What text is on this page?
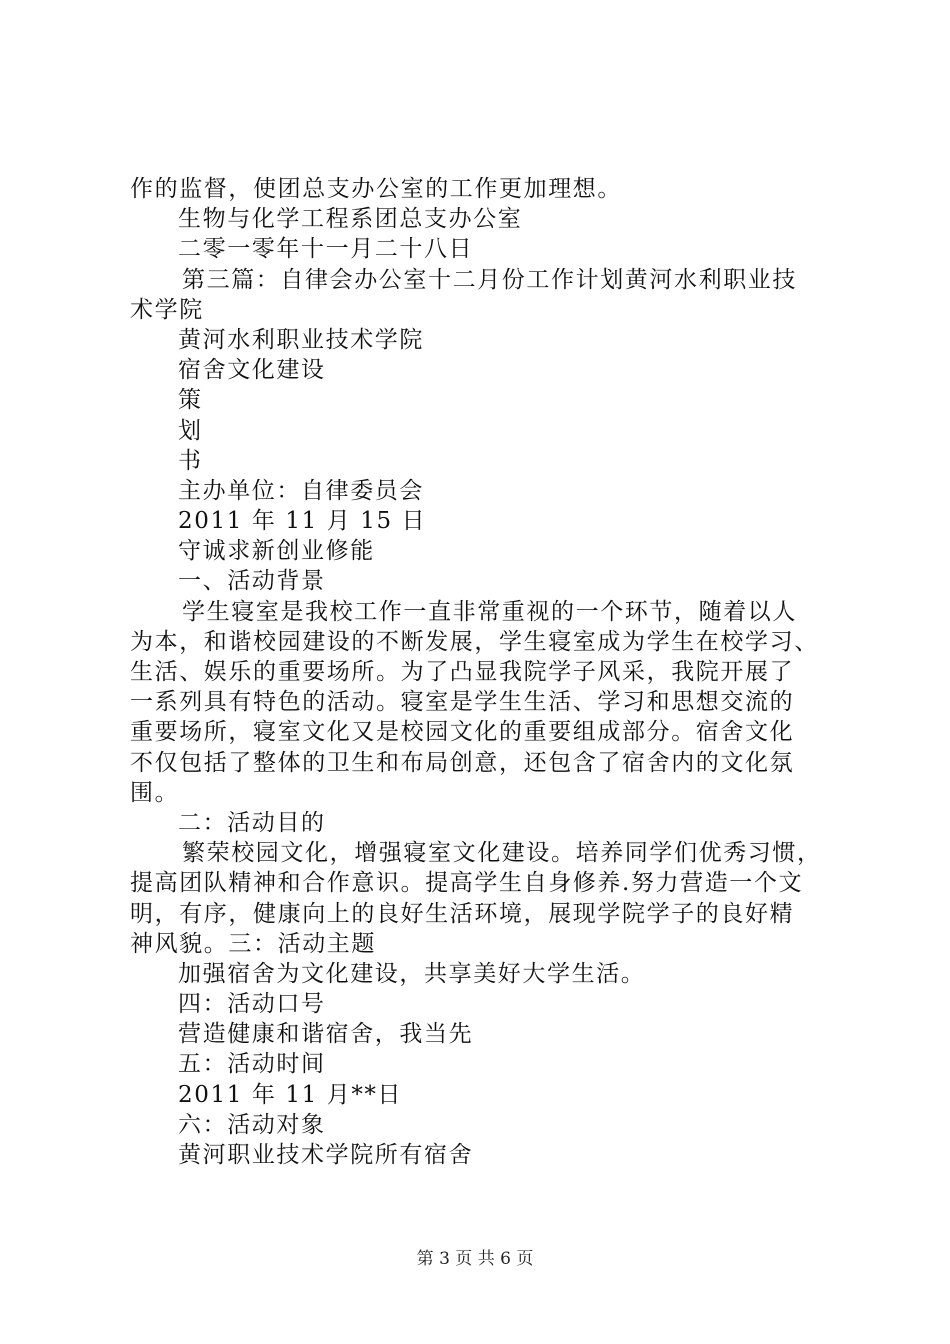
作的监督，使团总支办公室的工作更加理想。
生物与化学工程系团总支办公室
二零一零年十一月二十八日
第三篇：自律会办公室十二月份工作计划黄河水利职业技
术学院
黄河水利职业技术学院
宿舍文化建设
策
划
书
主办单位：自律委员会
2011 年 11 月 15 日
守诚求新创业修能
一、活动背景
学生寝室是我校工作一直非常重视的一个环节，随着以人
为本，和谐校园建设的不断发展，学生寝室成为学生在校学习、
生活、娱乐的重要场所。为了凸显我院学子风采，我院开展了
一系列具有特色的活动。寝室是学生生活、学习和思想交流的
重要场所，寝室文化又是校园文化的重要组成部分。宿舍文化
不仅包括了整体的卫生和布局创意，还包含了宿舍内的文化氛
围。
二：活动目的
繁荣校园文化，增强寝室文化建设。培养同学们优秀习惯，
提高团队精神和合作意识。提高学生自身修养.努力营造一个文
明，有序，健康向上的良好生活环境，展现学院学子的良好精
神风貌。三：活动主题
加强宿舍为文化建设，共享美好大学生活。
四：活动口号
营造健康和谐宿舍，我当先
五：活动时间
2011 年 11 月**日
六：活动对象
黄河职业技术学院所有宿舍
第 3 页 共 6 页
